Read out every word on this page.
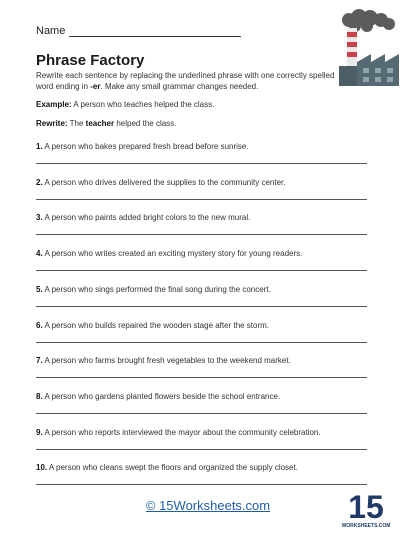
Name
Phrase Factory
Rewrite each sentence by replacing the underlined phrase with one correctly spelled word ending in -er. Make any small grammar changes needed.
Example: A person who teaches helped the class.
Rewrite: The teacher helped the class.
1. A person who bakes prepared fresh bread before sunrise.
2. A person who drives delivered the supplies to the community center.
3. A person who paints added bright colors to the new mural.
4. A person who writes created an exciting mystery story for young readers.
5. A person who sings performed the final song during the concert.
6. A person who builds repaired the wooden stage after the storm.
7. A person who farms brought fresh vegetables to the weekend market.
8. A person who gardens planted flowers beside the school entrance.
9. A person who reports interviewed the mayor about the community celebration.
10. A person who cleans swept the floors and organized the supply closet.
© 15Worksheets.com	15
WORKSHEETS.COM
